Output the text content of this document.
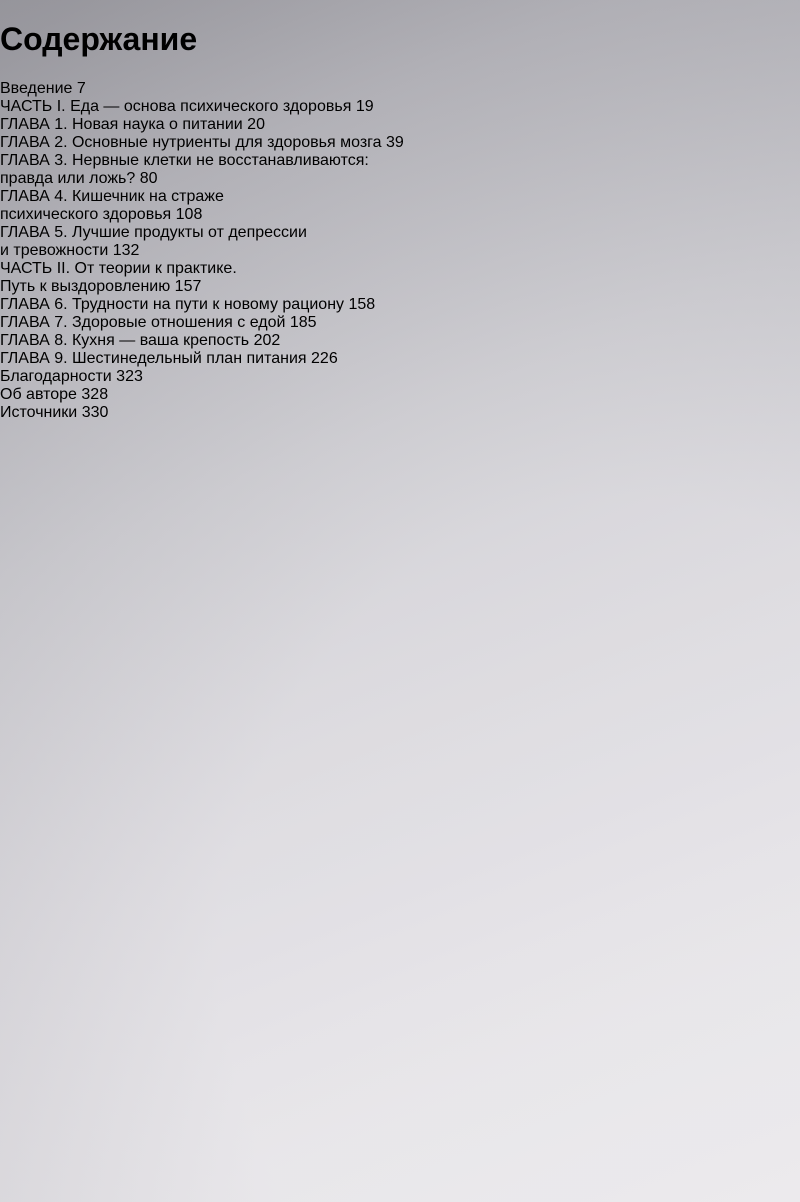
Содержание
Введение 7
ЧАСТЬ I. Еда — основа психического здоровья 19
ГЛАВА 1. Новая наука о питании 20
ГЛАВА 2. Основные нутриенты для здоровья мозга 39
ГЛАВА 3. Нервные клетки не восстанавливаются:
правда или ложь? 80
ГЛАВА 4. Кишечник на страже
психического здоровья 108
ГЛАВА 5. Лучшие продукты от депрессии
и тревожности 132
ЧАСТЬ II. От теории к практике.
Путь к выздоровлению 157
ГЛАВА 6. Трудности на пути к новому рациону 158
ГЛАВА 7. Здоровые отношения с едой 185
ГЛАВА 8. Кухня — ваша крепость 202
ГЛАВА 9. Шестинедельный план питания 226
Благодарности 323
Об авторе 328
Источники 330
